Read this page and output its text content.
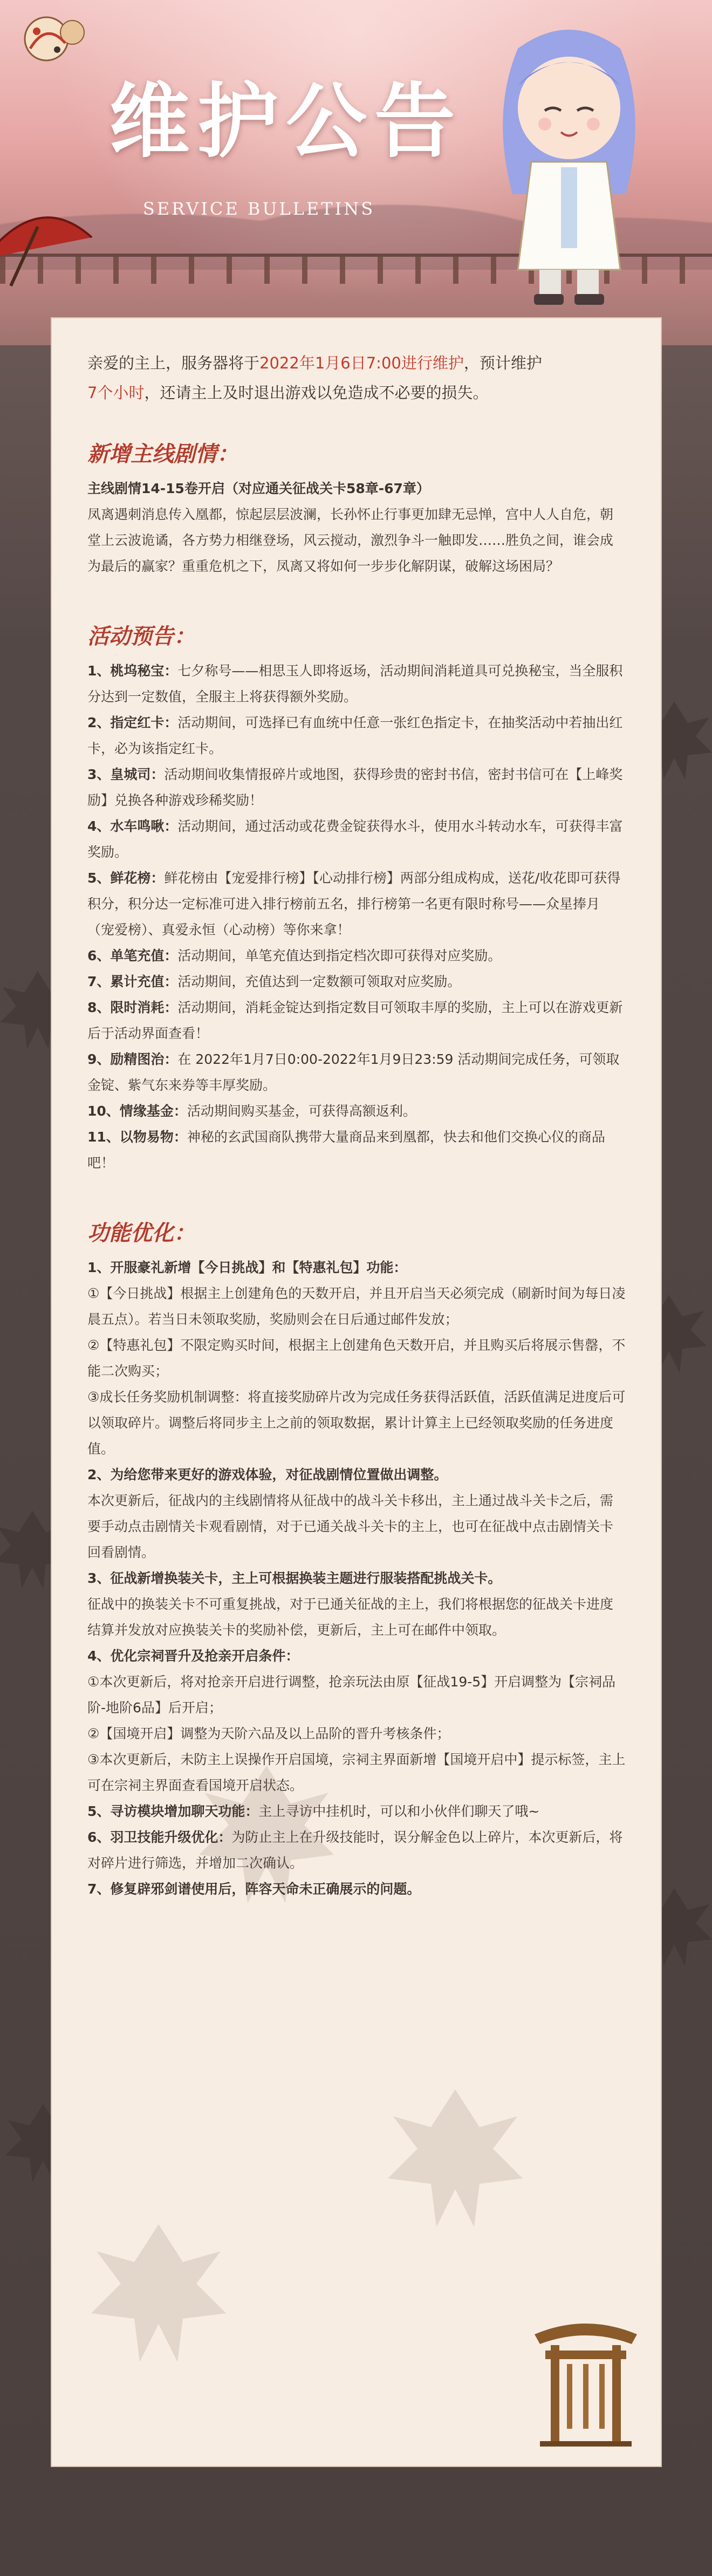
维护公告
SERVICE BULLETINS

亲爱的主上，服务器将于2022年1月6日7:00进行维护，预计维护
7个小时，还请主上及时退出游戏以免造成不必要的损失。

新增主线剧情：

主线剧情14-15卷开启（对应通关征战关卡58章-67章）

凤离遇刺消息传入凰都，惊起层层波澜，长孙怀止行事更加肆无忌惮，宫中人人自危，朝堂上云波诡谲，各方势力相继登场，风云搅动，激烈争斗一触即发……胜负之间，谁会成为最后的赢家？重重危机之下，凤离又将如何一步步化解阴谋，破解这场困局？

活动预告：

1、桃坞秘宝：七夕称号——相思玉人即将返场，活动期间消耗道具可兑换秘宝，当全服积分达到一定数值，全服主上将获得额外奖励。

2、指定红卡：活动期间，可选择已有血统中任意一张红色指定卡，在抽奖活动中若抽出红卡，必为该指定红卡。

3、皇城司：活动期间收集情报碎片或地图，获得珍贵的密封书信，密封书信可在【上峰奖励】兑换各种游戏珍稀奖励！

4、水车鸣啾：活动期间，通过活动或花费金锭获得水斗，使用水斗转动水车，可获得丰富奖励。

5、鲜花榜：鲜花榜由【宠爱排行榜】【心动排行榜】两部分组成构成，送花/收花即可获得积分，积分达一定标准可进入排行榜前五名，排行榜第一名更有限时称号——众星捧月（宠爱榜）、真爱永恒（心动榜）等你来拿！

6、单笔充值：活动期间，单笔充值达到指定档次即可获得对应奖励。

7、累计充值：活动期间，充值达到一定数额可领取对应奖励。

8、限时消耗：活动期间，消耗金锭达到指定数目可领取丰厚的奖励，主上可以在游戏更新后于活动界面查看！

9、励精图治：在 2022年1月7日0:00-2022年1月9日23:59 活动期间完成任务，可领取金锭、紫气东来券等丰厚奖励。

10、情缘基金：活动期间购买基金，可获得高额返利。

11、以物易物：神秘的玄武国商队携带大量商品来到凰都，快去和他们交换心仪的商品吧！

功能优化：

1、开服豪礼新增【今日挑战】和【特惠礼包】功能：

①【今日挑战】根据主上创建角色的天数开启，并且开启当天必须完成（刷新时间为每日凌晨五点）。若当日未领取奖励，奖励则会在日后通过邮件发放；

②【特惠礼包】不限定购买时间，根据主上创建角色天数开启，并且购买后将展示售罄，不能二次购买；

③成长任务奖励机制调整：将直接奖励碎片改为完成任务获得活跃值，活跃值满足进度后可以领取碎片。调整后将同步主上之前的领取数据，累计计算主上已经领取奖励的任务进度值。

2、为给您带来更好的游戏体验，对征战剧情位置做出调整。

本次更新后，征战内的主线剧情将从征战中的战斗关卡移出，主上通过战斗关卡之后，需要手动点击剧情关卡观看剧情，对于已通关战斗关卡的主上，也可在征战中点击剧情关卡回看剧情。

3、征战新增换装关卡，主上可根据换装主题进行服装搭配挑战关卡。

征战中的换装关卡不可重复挑战，对于已通关征战的主上，我们将根据您的征战关卡进度结算并发放对应换装关卡的奖励补偿，更新后，主上可在邮件中领取。

4、优化宗祠晋升及抢亲开启条件：

①本次更新后，将对抢亲开启进行调整，抢亲玩法由原【征战19-5】开启调整为【宗祠品阶-地阶6品】后开启；

②【国境开启】调整为天阶六品及以上品阶的晋升考核条件；

③本次更新后，未防主上误操作开启国境，宗祠主界面新增【国境开启中】提示标签，主上可在宗祠主界面查看国境开启状态。

5、寻访模块增加聊天功能：主上寻访中挂机时，可以和小伙伴们聊天了哦~

6、羽卫技能升级优化：为防止主上在升级技能时，误分解金色以上碎片，本次更新后，将对碎片进行筛选，并增加二次确认。

7、修复辟邪剑谱使用后，阵容天命未正确展示的问题。
